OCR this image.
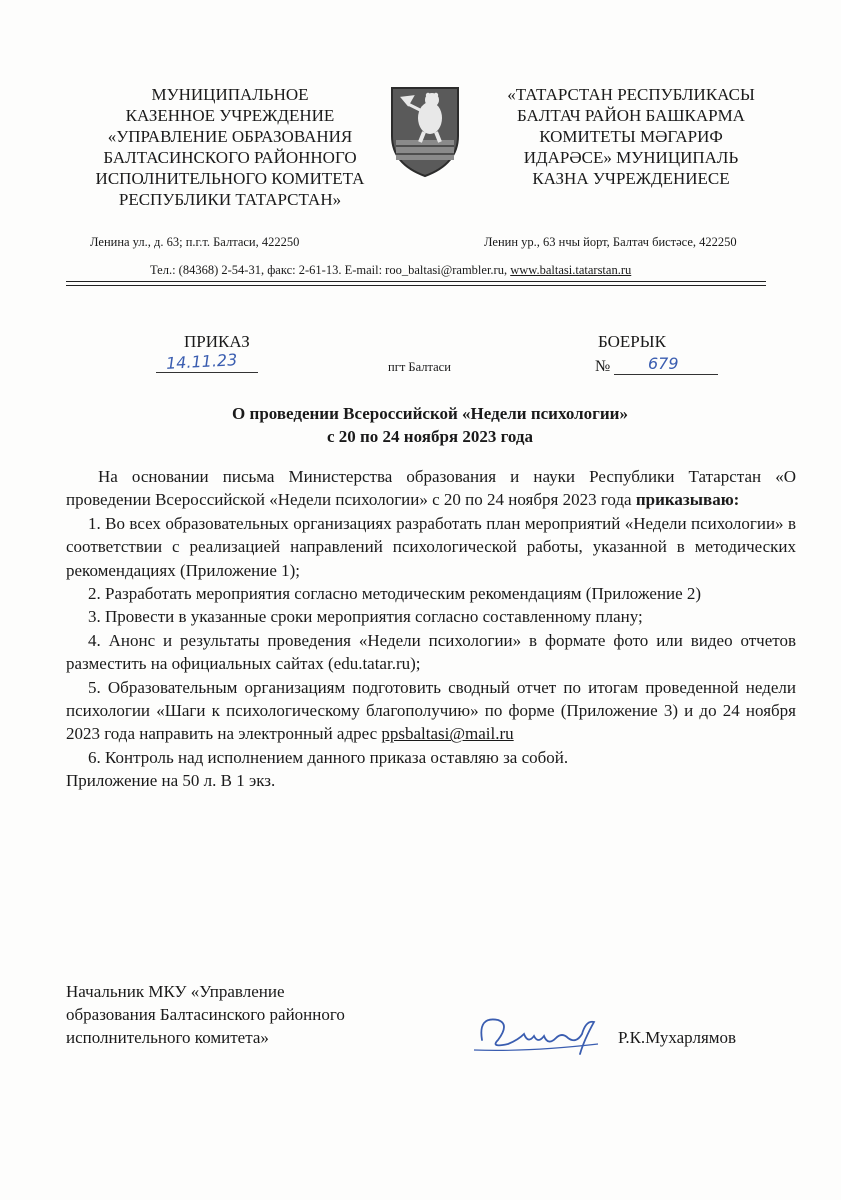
МУНИЦИПАЛЬНОЕ
КАЗЕННОЕ УЧРЕЖДЕНИЕ
«УПРАВЛЕНИЕ ОБРАЗОВАНИЯ
БАЛТАСИНСКОГО РАЙОННОГО
ИСПОЛНИТЕЛЬНОГО КОМИТЕТА
РЕСПУБЛИКИ ТАТАРСТАН»
«ТАТАРСТАН РЕСПУБЛИКАСЫ
БАЛТАЧ РАЙОН БАШКАРМА
КОМИТЕТЫ МӘГАРИФ
ИДАРӘСЕ» МУНИЦИПАЛЬ
КАЗНА УЧРЕЖДЕНИЕСЕ
Ленина ул., д. 63; п.г.т. Балтаси, 422250	Ленин ур., 63 нчы йорт, Балтач бистәсе, 422250
Тел.: (84368) 2-54-31, факс: 2-61-13. E-mail: roo_baltasi@rambler.ru, www.baltasi.tatarstan.ru
ПРИКАЗ	БОЕРЫК
14.11.23	пгт Балтаси	№ 679
О проведении Всероссийской «Недели психологии»
с 20 по 24 ноября 2023 года

На основании письма Министерства образования и науки Республики Татарстан «О проведении Всероссийской «Недели психологии» с 20 по 24 ноября 2023 года приказываю:

1. Во всех образовательных организациях разработать план мероприятий «Недели психологии» в соответствии с реализацией направлений психологической работы, указанной в методических рекомендациях (Приложение 1);

2. Разработать мероприятия согласно методическим рекомендациям (Приложение 2)

3. Провести в указанные сроки мероприятия согласно составленному плану;

4. Анонс и результаты проведения «Недели психологии» в формате фото или видео отчетов разместить на официальных сайтах (edu.tatar.ru);

5. Образовательным организациям подготовить сводный отчет по итогам проведенной недели психологии «Шаги к психологическому благополучию» по форме (Приложение 3) и до 24 ноября 2023 года направить на электронный адрес ppsbaltasi@mail.ru

6. Контроль над исполнением данного приказа оставляю за собой.

Приложение на 50 л. В 1 экз.

Начальник МКУ «Управление
образования Балтасинского районного
исполнительного комитета»	Р.К.Мухарлямов
